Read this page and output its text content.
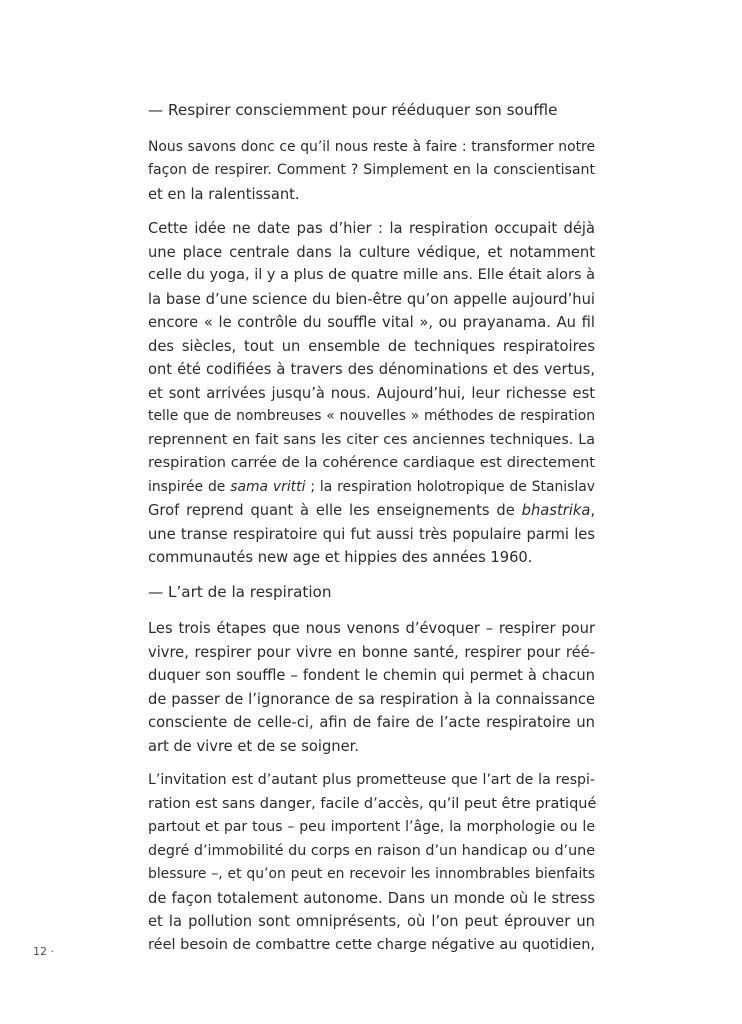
— Respirer consciemment pour rééduquer son souffle
Nous savons donc ce qu’il nous reste à faire : transformer notre
façon de respirer. Comment ? Simplement en la conscientisant
et en la ralentissant.
Cette idée ne date pas d’hier : la respiration occupait déjà
une place centrale dans la culture védique, et notamment
celle du yoga, il y a plus de quatre mille ans. Elle était alors à
la base d’une science du bien-être qu’on appelle aujourd’hui
encore « le contrôle du souffle vital », ou prayanama. Au fil
des siècles, tout un ensemble de techniques respiratoires
ont été codifiées à travers des dénominations et des vertus,
et sont arrivées jusqu’à nous. Aujourd’hui, leur richesse est
telle que de nombreuses « nouvelles » méthodes de respiration
reprennent en fait sans les citer ces anciennes techniques. La
respiration carrée de la cohérence cardiaque est directement
inspirée de sama vritti ; la respiration holotropique de Stanislav
Grof reprend quant à elle les enseignements de bhastrika,
une transe respiratoire qui fut aussi très populaire parmi les
communautés new age et hippies des années 1960.
— L’art de la respiration
Les trois étapes que nous venons d’évoquer – respirer pour
vivre, respirer pour vivre en bonne santé, respirer pour réé-
duquer son souffle – fondent le chemin qui permet à chacun
de passer de l’ignorance de sa respiration à la connaissance
consciente de celle-ci, afin de faire de l’acte respiratoire un
art de vivre et de se soigner.
L’invitation est d’autant plus prometteuse que l’art de la respi-
ration est sans danger, facile d’accès, qu’il peut être pratiqué
partout et par tous – peu importent l’âge, la morphologie ou le
degré d’immobilité du corps en raison d’un handicap ou d’une
blessure –, et qu’on peut en recevoir les innombrables bienfaits
de façon totalement autonome. Dans un monde où le stress
et la pollution sont omniprésents, où l’on peut éprouver un
réel besoin de combattre cette charge négative au quotidien,
12 ·
